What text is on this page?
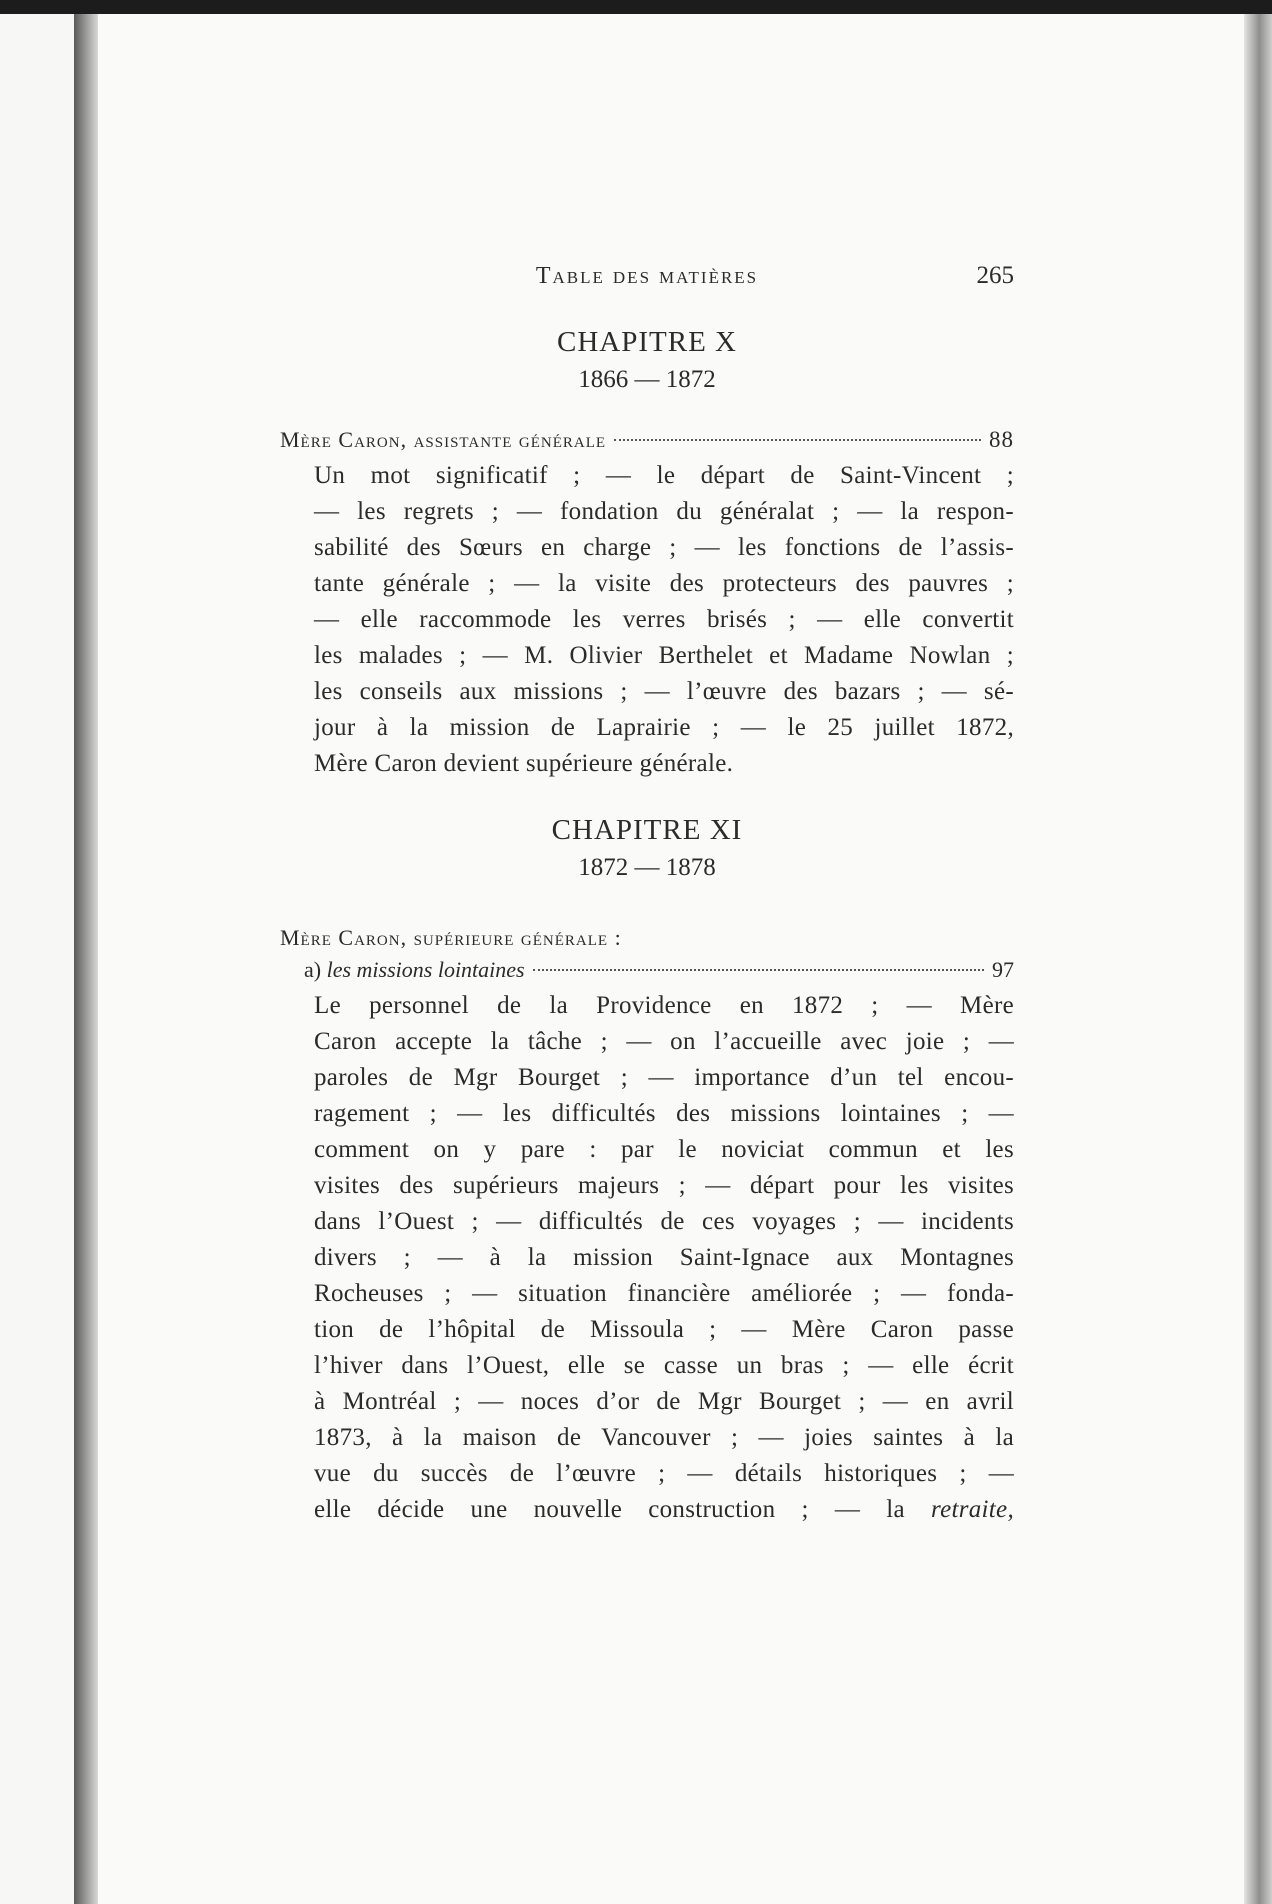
Table des matières	265
CHAPITRE X
1866 — 1872
Mère Caron, assistante générale	88
Un mot significatif ; — le départ de Saint-Vincent ;
— les regrets ; — fondation du généralat ; — la respon-
sabilité des Sœurs en charge ; — les fonctions de l’assis-
tante générale ; — la visite des protecteurs des pauvres ;
— elle raccommode les verres brisés ; — elle convertit
les malades ; — M. Olivier Berthelet et Madame Nowlan ;
les conseils aux missions ; — l’œuvre des bazars ; — sé-
jour à la mission de Laprairie ; — le 25 juillet 1872,
Mère Caron devient supérieure générale.
CHAPITRE XI
1872 — 1878
Mère Caron, supérieure générale :
a) les missions lointaines	97
Le personnel de la Providence en 1872 ; — Mère
Caron accepte la tâche ; — on l’accueille avec joie ; —
paroles de Mgr Bourget ; — importance d’un tel encou-
ragement ; — les difficultés des missions lointaines ; —
comment on y pare : par le noviciat commun et les
visites des supérieurs majeurs ; — départ pour les visites
dans l’Ouest ; — difficultés de ces voyages ; — incidents
divers ; — à la mission Saint-Ignace aux Montagnes
Rocheuses ; — situation financière améliorée ; — fonda-
tion de l’hôpital de Missoula ; — Mère Caron passe
l’hiver dans l’Ouest, elle se casse un bras ; — elle écrit
à Montréal ; — noces d’or de Mgr Bourget ; — en avril
1873, à la maison de Vancouver ; — joies saintes à la
vue du succès de l’œuvre ; — détails historiques ; —
elle décide une nouvelle construction ; — la retraite,
